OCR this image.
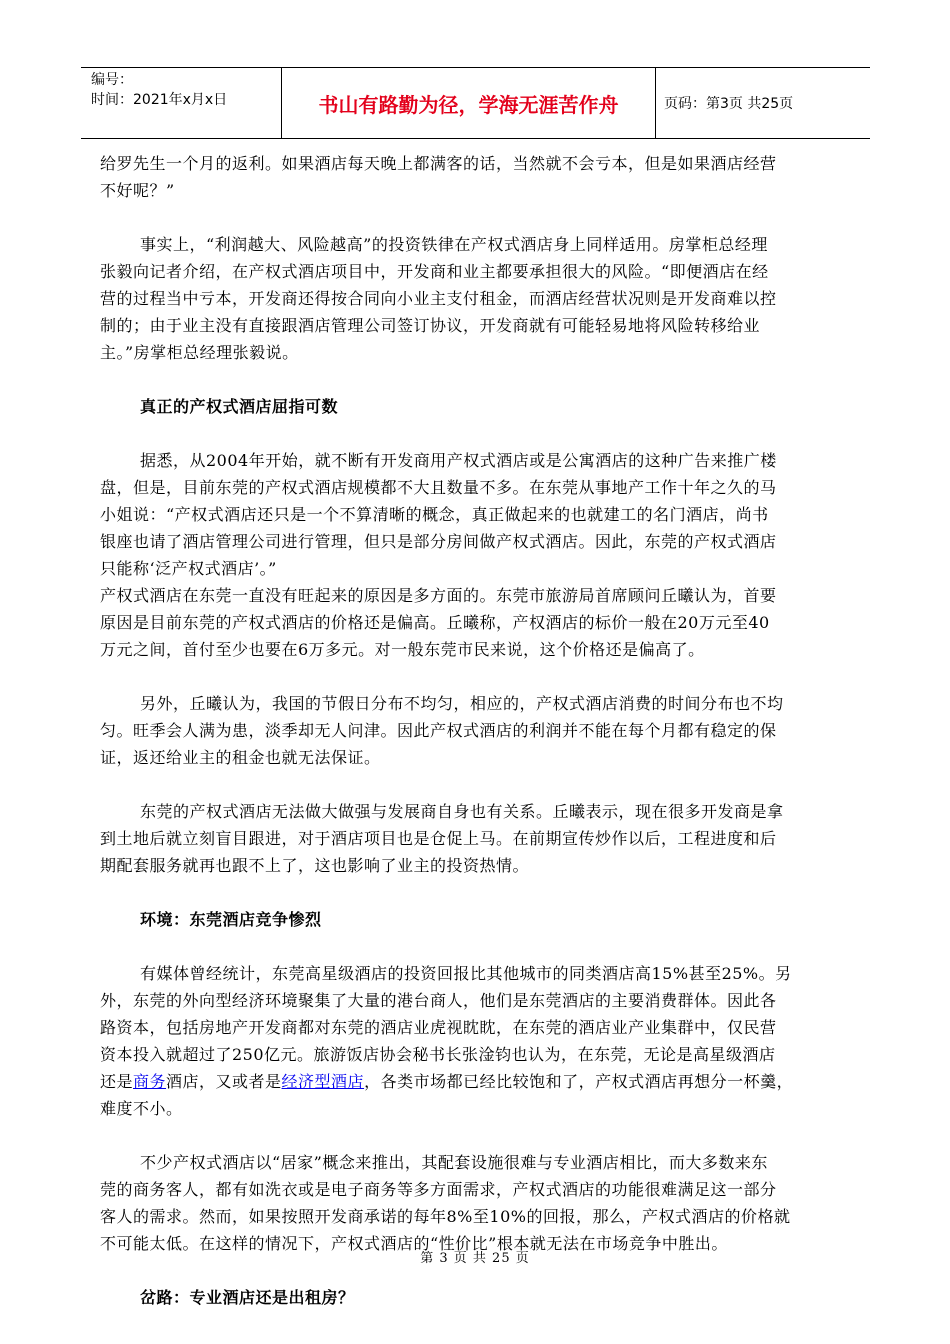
编号：
时间：2021年x月x日	书山有路勤为径，学海无涯苦作舟	页码：第3页 共25页

给罗先生一个月的返利。如果酒店每天晚上都满客的话，当然就不会亏本，但是如果酒店经营

不好呢？”

事实上，“利润越大、风险越高”的投资铁律在产权式酒店身上同样适用。房掌柜总经理

张毅向记者介绍，在产权式酒店项目中，开发商和业主都要承担很大的风险。“即便酒店在经

营的过程当中亏本，开发商还得按合同向小业主支付租金，而酒店经营状况则是开发商难以控

制的；由于业主没有直接跟酒店管理公司签订协议，开发商就有可能轻易地将风险转移给业

主。”房掌柜总经理张毅说。

真正的产权式酒店屈指可数

据悉，从2004年开始，就不断有开发商用产权式酒店或是公寓酒店的这种广告来推广楼

盘，但是，目前东莞的产权式酒店规模都不大且数量不多。在东莞从事地产工作十年之久的马

小姐说：“产权式酒店还只是一个不算清晰的概念，真正做起来的也就建工的名门酒店，尚书

银座也请了酒店管理公司进行管理，但只是部分房间做产权式酒店。因此，东莞的产权式酒店

只能称‘泛产权式酒店’。”

产权式酒店在东莞一直没有旺起来的原因是多方面的。东莞市旅游局首席顾问丘曦认为，首要

原因是目前东莞的产权式酒店的价格还是偏高。丘曦称，产权酒店的标价一般在20万元至40

万元之间，首付至少也要在6万多元。对一般东莞市民来说，这个价格还是偏高了。

另外，丘曦认为，我国的节假日分布不均匀，相应的，产权式酒店消费的时间分布也不均

匀。旺季会人满为患，淡季却无人问津。因此产权式酒店的利润并不能在每个月都有稳定的保

证，返还给业主的租金也就无法保证。

东莞的产权式酒店无法做大做强与发展商自身也有关系。丘曦表示，现在很多开发商是拿

到土地后就立刻盲目跟进，对于酒店项目也是仓促上马。在前期宣传炒作以后，工程进度和后

期配套服务就再也跟不上了，这也影响了业主的投资热情。

环境：东莞酒店竞争惨烈

有媒体曾经统计，东莞高星级酒店的投资回报比其他城市的同类酒店高15%甚至25%。另

外，东莞的外向型经济环境聚集了大量的港台商人，他们是东莞酒店的主要消费群体。因此各

路资本，包括房地产开发商都对东莞的酒店业虎视眈眈，在东莞的酒店业产业集群中，仅民营

资本投入就超过了250亿元。旅游饭店协会秘书长张淦钧也认为，在东莞，无论是高星级酒店

还是商务酒店，又或者是经济型酒店，各类市场都已经比较饱和了，产权式酒店再想分一杯羹，

难度不小。

不少产权式酒店以“居家”概念来推出，其配套设施很难与专业酒店相比，而大多数来东

莞的商务客人，都有如洗衣或是电子商务等多方面需求，产权式酒店的功能很难满足这一部分

客人的需求。然而，如果按照开发商承诺的每年8%至10%的回报，那么，产权式酒店的价格就

不可能太低。在这样的情况下，产权式酒店的“性价比”根本就无法在市场竞争中胜出。

岔路：专业酒店还是出租房？

第 3 页 共 25 页
